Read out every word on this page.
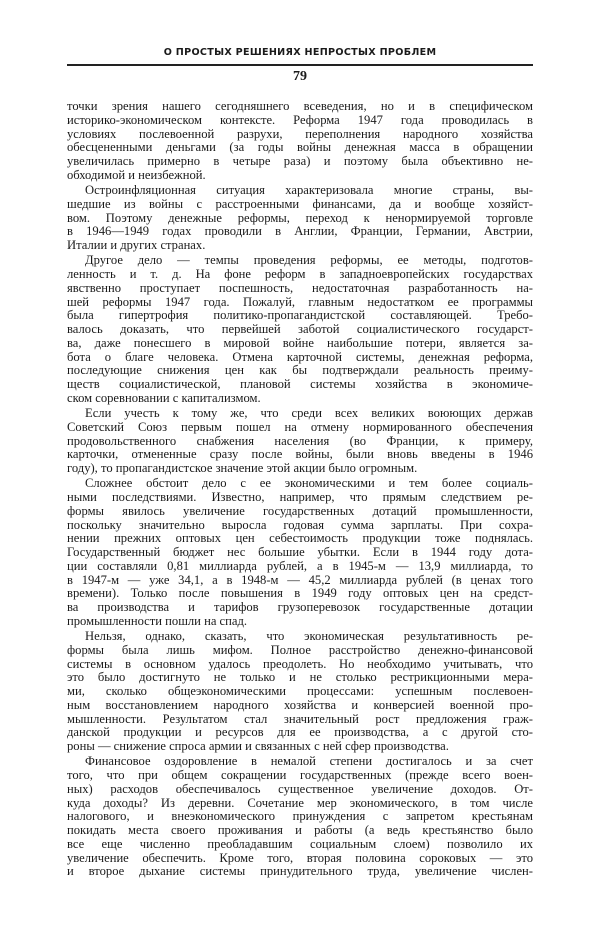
О ПРОСТЫХ РЕШЕНИЯХ НЕПРОСТЫХ ПРОБЛЕМ
79
точки зрения нашего сегодняшнего всеведения, но и в специфическом
историко-экономическом контексте. Реформа 1947 года проводилась в
условиях послевоенной разрухи, переполнения народного хозяйства
обесцененными деньгами (за годы войны денежная масса в обращении
увеличилась примерно в четыре раза) и поэтому была объективно не-
обходимой и неизбежной.
Остроинфляционная ситуация характеризовала многие страны, вы-
шедшие из войны с расстроенными финансами, да и вообще хозяйст-
вом. Поэтому денежные реформы, переход к ненормируемой торговле
в 1946—1949 годах проводили в Англии, Франции, Германии, Австрии,
Италии и других странах.
Другое дело — темпы проведения реформы, ее методы, подготов-
ленность и т. д. На фоне реформ в западноевропейских государствах
явственно проступает поспешность, недостаточная разработанность на-
шей реформы 1947 года. Пожалуй, главным недостатком ее программы
была гипертрофия политико-пропагандистской составляющей. Требо-
валось доказать, что первейшей заботой социалистического государст-
ва, даже понесшего в мировой войне наибольшие потери, является за-
бота о благе человека. Отмена карточной системы, денежная реформа,
последующие снижения цен как бы подтверждали реальность преиму-
ществ социалистической, плановой системы хозяйства в экономиче-
ском соревновании с капитализмом.
Если учесть к тому же, что среди всех великих воюющих держав
Советский Союз первым пошел на отмену нормированного обеспечения
продовольственного снабжения населения (во Франции, к примеру,
карточки, отмененные сразу после войны, были вновь введены в 1946
году), то пропагандистское значение этой акции было огромным.
Сложнее обстоит дело с ее экономическими и тем более социаль-
ными последствиями. Известно, например, что прямым следствием ре-
формы явилось увеличение государственных дотаций промышленности,
поскольку значительно выросла годовая сумма зарплаты. При сохра-
нении прежних оптовых цен себестоимость продукции тоже поднялась.
Государственный бюджет нес большие убытки. Если в 1944 году дота-
ции составляли 0,81 миллиарда рублей, а в 1945-м — 13,9 миллиарда, то
в 1947-м — уже 34,1, а в 1948-м — 45,2 миллиарда рублей (в ценах того
времени). Только после повышения в 1949 году оптовых цен на средст-
ва производства и тарифов грузоперевозок государственные дотации
промышленности пошли на спад.
Нельзя, однако, сказать, что экономическая результативность ре-
формы была лишь мифом. Полное расстройство денежно-финансовой
системы в основном удалось преодолеть. Но необходимо учитывать, что
это было достигнуто не только и не столько рестрикционными мера-
ми, сколько общеэкономическими процессами: успешным послевоен-
ным восстановлением народного хозяйства и конверсией военной про-
мышленности. Результатом стал значительный рост предложения граж-
данской продукции и ресурсов для ее производства, а с другой сто-
роны — снижение спроса армии и связанных с ней сфер производства.
Финансовое оздоровление в немалой степени достигалось и за счет
того, что при общем сокращении государственных (прежде всего воен-
ных) расходов обеспечивалось существенное увеличение доходов. От-
куда доходы? Из деревни. Сочетание мер экономического, в том числе
налогового, и внеэкономического принуждения с запретом крестьянам
покидать места своего проживания и работы (а ведь крестьянство было
все еще численно преобладавшим социальным слоем) позволило их
увеличение обеспечить. Кроме того, вторая половина сороковых — это
и второе дыхание системы принудительного труда, увеличение числен-
